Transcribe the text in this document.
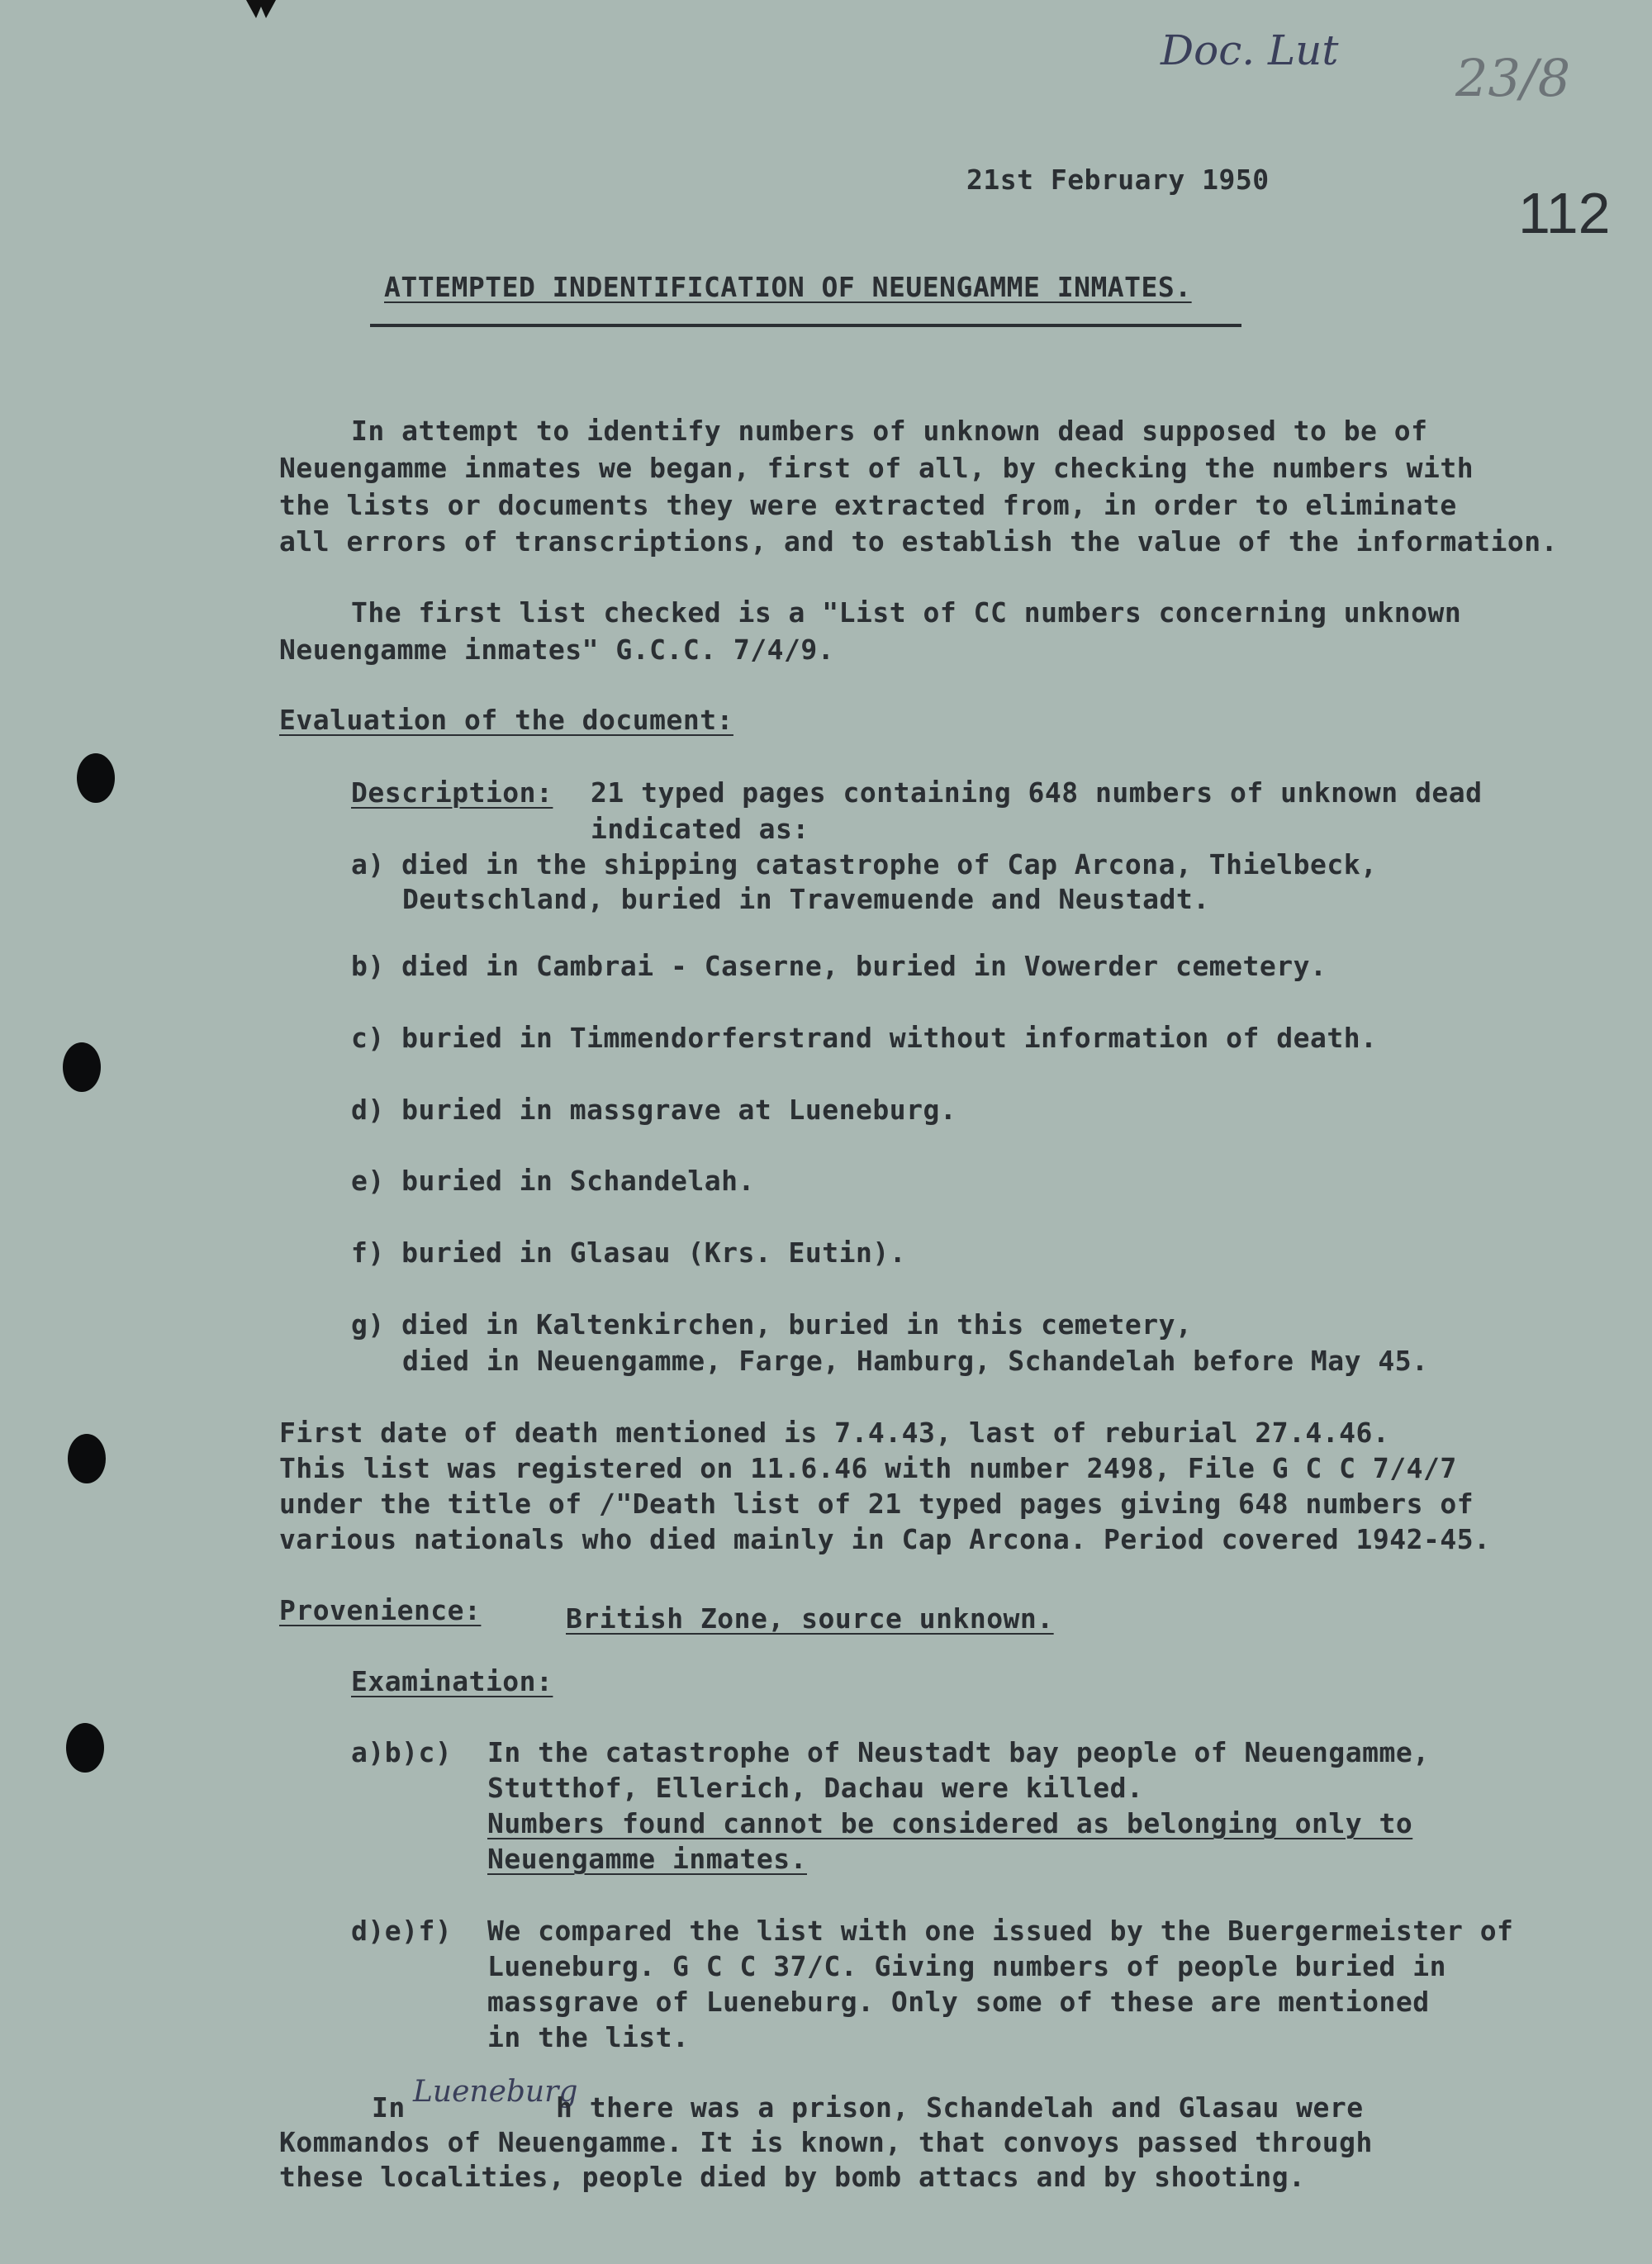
Doc. Lut 23/8
112
21st February 1950
ATTEMPTED INDENTIFICATION OF NEUENGAMME INMATES.
In attempt to identify numbers of unknown dead supposed to be of
Neuengamme inmates we began, first of all, by checking the numbers with
the lists or documents they were extracted from, in order to eliminate
all errors of transcriptions, and to establish the value of the information.
The first list checked is a "List of CC numbers concerning unknown
Neuengamme inmates" G.C.C. 7/4/9.
Evaluation of the document:
Description: 21 typed pages containing 648 numbers of unknown dead
indicated as:
a) died in the shipping catastrophe of Cap Arcona, Thielbeck,
Deutschland, buried in Travemuende and Neustadt.
b) died in Cambrai - Caserne, buried in Vowerder cemetery.
c) buried in Timmendorferstrand without information of death.
d) buried in massgrave at Lueneburg.
e) buried in Schandelah.
f) buried in Glasau (Krs. Eutin).
g) died in Kaltenkirchen, buried in this cemetery,
died in Neuengamme, Farge, Hamburg, Schandelah before May 45.
First date of death mentioned is 7.4.43, last of reburial 27.4.46.
This list was registered on 11.6.46 with number 2498, File G C C 7/4/7
under the title of /"Death list of 21 typed pages giving 648 numbers of
various nationals who died mainly in Cap Arcona. Period covered 1942-45.
Provenience:	British Zone, source unknown.
Examination:
a)b)c) In the catastrophe of Neustadt bay people of Neuengamme,
Stutthof, Ellerich, Dachau were killed.
Numbers found cannot be considered as belonging only to
Neuengamme inmates.
d)e)f) We compared the list with one issued by the Buergermeister of
Lueneburg. G C C 37/C. Giving numbers of people buried in
massgrave of Lueneburg. Only some of these are mentioned
in the list.
In Lueneburg
h there was a prison, Schandelah and Glasau were
Kommandos of Neuengamme. It is known, that convoys passed through
these localities, people died by bomb attacs and by shooting.
